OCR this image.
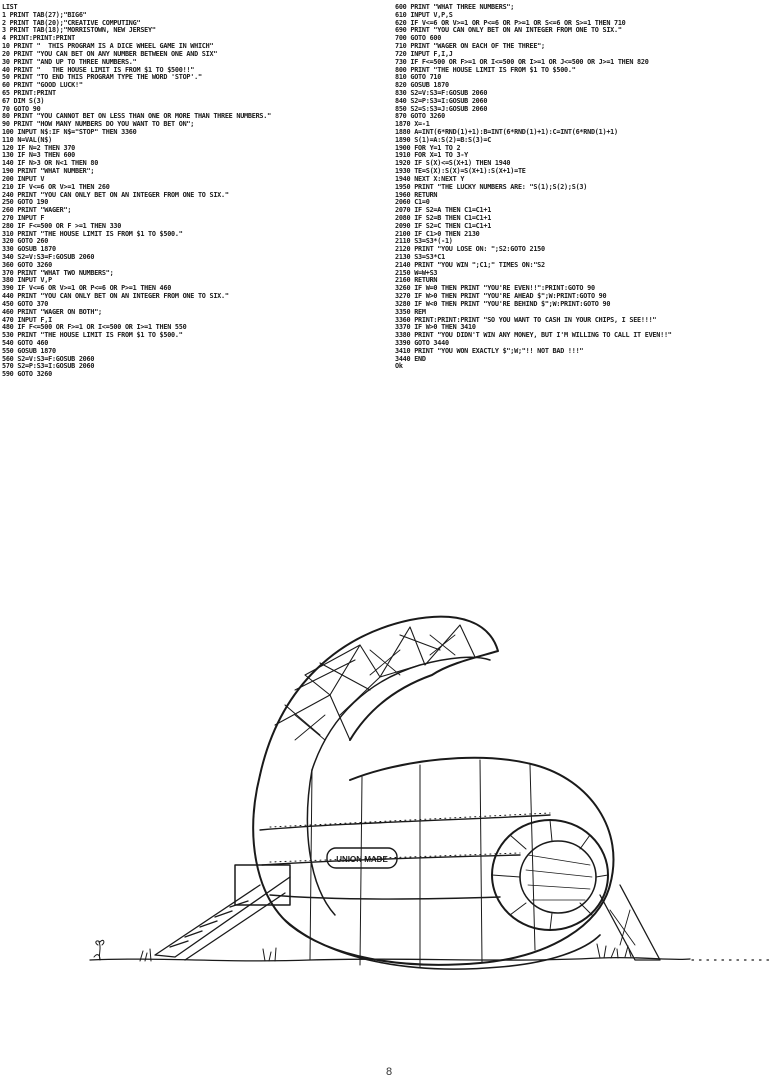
LIST
1 PRINT TAB(27);"BIG6"
2 PRINT TAB(20);"CREATIVE COMPUTING"
3 PRINT TAB(18);"MORRISTOWN, NEW JERSEY"
4 PRINT:PRINT:PRINT
10 PRINT "  THIS PROGRAM IS A DICE WHEEL GAME IN WHICH"
20 PRINT "YOU CAN BET ON ANY NUMBER BETWEEN ONE AND SIX"
30 PRINT "AND UP TO THREE NUMBERS."
40 PRINT "   THE HOUSE LIMIT IS FROM $1 TO $500!!"
50 PRINT "TO END THIS PROGRAM TYPE THE WORD 'STOP'."
60 PRINT "GOOD LUCK!"
65 PRINT:PRINT
67 DIM S(3)
70 GOTO 90
80 PRINT "YOU CANNOT BET ON LESS THAN ONE OR MORE THAN THREE NUMBERS."
90 PRINT "HOW MANY NUMBERS DO YOU WANT TO BET ON";
100 INPUT N$:IF N$="STOP" THEN 3360
110 N=VAL(N$)
120 IF N=2 THEN 370
130 IF N=3 THEN 600
140 IF N>3 OR N<1 THEN 80
190 PRINT "WHAT NUMBER";
200 INPUT V
210 IF V<=6 OR V>=1 THEN 260
240 PRINT "YOU CAN ONLY BET ON AN INTEGER FROM ONE TO SIX."
250 GOTO 190
260 PRINT "WAGER";
270 INPUT F
280 IF F<=500 OR F >=1 THEN 330
310 PRINT "THE HOUSE LIMIT IS FROM $1 TO $500."
320 GOTO 260
330 GOSUB 1870
340 S2=V:S3=F:GOSUB 2060
360 GOTO 3260
370 PRINT "WHAT TWO NUMBERS";
380 INPUT V,P
390 IF V<=6 OR V>=1 OR P<=6 OR P>=1 THEN 460
440 PRINT "YOU CAN ONLY BET ON AN INTEGER FROM ONE TO SIX."
450 GOTO 370
460 PRINT "WAGER ON BOTH";
470 INPUT F,I
480 IF F<=500 OR F>=1 OR I<=500 OR I>=1 THEN 550
530 PRINT "THE HOUSE LIMIT IS FROM $1 TO $500."
540 GOTO 460
550 GOSUB 1870
560 S2=V:S3=F:GOSUB 2060
570 S2=P:S3=I:GOSUB 2060
590 GOTO 3260
600 PRINT "WHAT THREE NUMBERS";
610 INPUT V,P,S
620 IF V<=6 OR V>=1 OR P<=6 OR P>=1 OR S<=6 OR S>=1 THEN 710
690 PRINT "YOU CAN ONLY BET ON AN INTEGER FROM ONE TO SIX."
700 GOTO 600
710 PRINT "WAGER ON EACH OF THE THREE";
720 INPUT F,I,J
730 IF F<=500 OR F>=1 OR I<=500 OR I>=1 OR J<=500 OR J>=1 THEN 820
800 PRINT "THE HOUSE LIMIT IS FROM $1 TO $500."
810 GOTO 710
820 GOSUB 1870
830 S2=V:S3=F:GOSUB 2060
840 S2=P:S3=I:GOSUB 2060
850 S2=S:S3=J:GOSUB 2060
870 GOTO 3260
1870 X=-1
1880 A=INT(6*RND(1)+1):B=INT(6*RND(1)+1):C=INT(6*RND(1)+1)
1890 S(1)=A:S(2)=B:S(3)=C
1900 FOR Y=1 TO 2
1910 FOR X=1 TO 3-Y
1920 IF S(X)<=S(X+1) THEN 1940
1930 TE=S(X):S(X)=S(X+1):S(X+1)=TE
1940 NEXT X:NEXT Y
1950 PRINT "THE LUCKY NUMBERS ARE: "S(1);S(2);S(3)
1960 RETURN
2060 C1=0
2070 IF S2=A THEN C1=C1+1
2080 IF S2=B THEN C1=C1+1
2090 IF S2=C THEN C1=C1+1
2100 IF C1>0 THEN 2130
2110 S3=S3*(-1)
2120 PRINT "YOU LOSE ON: ";S2:GOTO 2150
2130 S3=S3*C1
2140 PRINT "YOU WIN ";C1;" TIMES ON:"S2
2150 W=W+S3
2160 RETURN
3260 IF W=0 THEN PRINT "YOU'RE EVEN!!":PRINT:GOTO 90
3270 IF W>0 THEN PRINT "YOU'RE AHEAD $";W:PRINT:GOTO 90
3280 IF W<0 THEN PRINT "YOU'RE BEHIND $";W:PRINT:GOTO 90
3350 REM
3360 PRINT:PRINT:PRINT "SO YOU WANT TO CASH IN YOUR CHIPS, I SEE!!!"
3370 IF W>0 THEN 3410
3380 PRINT "YOU DIDN'T WIN ANY MONEY, BUT I'M WILLING TO CALL IT EVEN!!"
3390 GOTO 3440
3410 PRINT "YOU WON EXACTLY $";W;"!! NOT BAD !!!"
3440 END
Ok
UNION MADE
8
